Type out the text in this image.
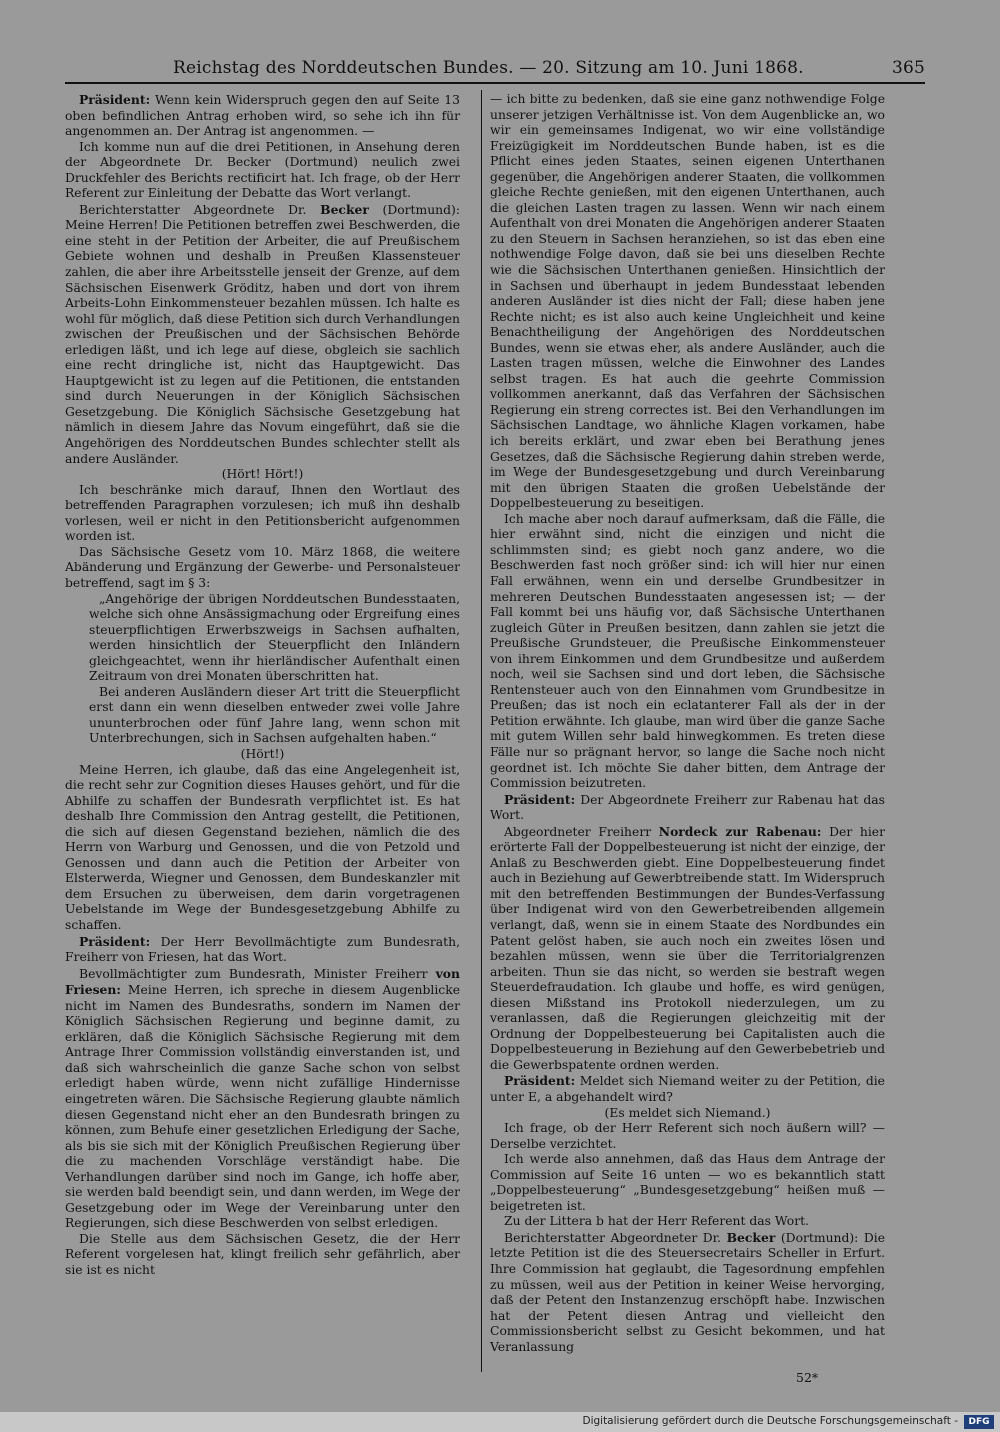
Reichstag des Norddeutschen Bundes. — 20. Sitzung am 10. Juni 1868.	365

Präsident: Wenn kein Widerspruch gegen den auf Seite 13 oben befindlichen Antrag erhoben wird, so sehe ich ihn für angenommen an. Der Antrag ist angenommen. —

Ich komme nun auf die drei Petitionen, in Ansehung deren der Abgeordnete Dr. Becker (Dortmund) neulich zwei Druckfehler des Berichts rectificirt hat. Ich frage, ob der Herr Referent zur Einleitung der Debatte das Wort verlangt.

Berichterstatter Abgeordnete Dr. Becker (Dortmund): Meine Herren! Die Petitionen betreffen zwei Beschwerden, die eine steht in der Petition der Arbeiter, die auf Preußischem Gebiete wohnen und deshalb in Preußen Klassensteuer zahlen, die aber ihre Arbeitsstelle jenseit der Grenze, auf dem Sächsischen Eisenwerk Gröditz, haben und dort von ihrem Arbeits-Lohn Einkommensteuer bezahlen müssen. Ich halte es wohl für möglich, daß diese Petition sich durch Verhandlungen zwischen der Preußischen und der Sächsischen Behörde erledigen läßt, und ich lege auf diese, obgleich sie sachlich eine recht dringliche ist, nicht das Hauptgewicht. Das Hauptgewicht ist zu legen auf die Petitionen, die entstanden sind durch Neuerungen in der Königlich Sächsischen Gesetzgebung. Die Königlich Sächsische Gesetzgebung hat nämlich in diesem Jahre das Novum eingeführt, daß sie die Angehörigen des Norddeutschen Bundes schlechter stellt als andere Ausländer.

(Hört! Hört!)

Ich beschränke mich darauf, Ihnen den Wortlaut des betreffenden Paragraphen vorzulesen; ich muß ihn deshalb vorlesen, weil er nicht in den Petitionsbericht aufgenommen worden ist.

Das Sächsische Gesetz vom 10. März 1868, die weitere Abänderung und Ergänzung der Gewerbe- und Personalsteuer betreffend, sagt im § 3:

„Angehörige der übrigen Norddeutschen Bundesstaaten, welche sich ohne Ansässigmachung oder Ergreifung eines steuerpflichtigen Erwerbszweigs in Sachsen aufhalten, werden hinsichtlich der Steuerpflicht den Inländern gleichgeachtet, wenn ihr hierländischer Aufenthalt einen Zeitraum von drei Monaten überschritten hat.

Bei anderen Ausländern dieser Art tritt die Steuerpflicht erst dann ein wenn dieselben entweder zwei volle Jahre ununterbrochen oder fünf Jahre lang, wenn schon mit Unterbrechungen, sich in Sachsen aufgehalten haben.“

(Hört!)

Meine Herren, ich glaube, daß das eine Angelegenheit ist, die recht sehr zur Cognition dieses Hauses gehört, und für die Abhilfe zu schaffen der Bundesrath verpflichtet ist. Es hat deshalb Ihre Commission den Antrag gestellt, die Petitionen, die sich auf diesen Gegenstand beziehen, nämlich die des Herrn von Warburg und Genossen, und die von Petzold und Genossen und dann auch die Petition der Arbeiter von Elsterwerda, Wiegner und Genossen, dem Bundeskanzler mit dem Ersuchen zu überweisen, dem darin vorgetragenen Uebelstande im Wege der Bundesgesetzgebung Abhilfe zu schaffen.

Präsident: Der Herr Bevollmächtigte zum Bundesrath, Freiherr von Friesen, hat das Wort.

Bevollmächtigter zum Bundesrath, Minister Freiherr von Friesen: Meine Herren, ich spreche in diesem Augenblicke nicht im Namen des Bundesraths, sondern im Namen der Königlich Sächsischen Regierung und beginne damit, zu erklären, daß die Königlich Sächsische Regierung mit dem Antrage Ihrer Commission vollständig einverstanden ist, und daß sich wahrscheinlich die ganze Sache schon von selbst erledigt haben würde, wenn nicht zufällige Hindernisse eingetreten wären. Die Sächsische Regierung glaubte nämlich diesen Gegenstand nicht eher an den Bundesrath bringen zu können, zum Behufe einer gesetzlichen Erledigung der Sache, als bis sie sich mit der Königlich Preußischen Regierung über die zu machenden Vorschläge verständigt habe. Die Verhandlungen darüber sind noch im Gange, ich hoffe aber, sie werden bald beendigt sein, und dann werden, im Wege der Gesetzgebung oder im Wege der Vereinbarung unter den Regierungen, sich diese Beschwerden von selbst erledigen.

Die Stelle aus dem Sächsischen Gesetz, die der Herr Referent vorgelesen hat, klingt freilich sehr gefährlich, aber sie ist es nicht

— ich bitte zu bedenken, daß sie eine ganz nothwendige Folge unserer jetzigen Verhältnisse ist. Von dem Augenblicke an, wo wir ein gemeinsames Indigenat, wo wir eine vollständige Freizügigkeit im Norddeutschen Bunde haben, ist es die Pflicht eines jeden Staates, seinen eigenen Unterthanen gegenüber, die Angehörigen anderer Staaten, die vollkommen gleiche Rechte genießen, mit den eigenen Unterthanen, auch die gleichen Lasten tragen zu lassen. Wenn wir nach einem Aufenthalt von drei Monaten die Angehörigen anderer Staaten zu den Steuern in Sachsen heranziehen, so ist das eben eine nothwendige Folge davon, daß sie bei uns dieselben Rechte wie die Sächsischen Unterthanen genießen. Hinsichtlich der in Sachsen und überhaupt in jedem Bundesstaat lebenden anderen Ausländer ist dies nicht der Fall; diese haben jene Rechte nicht; es ist also auch keine Ungleichheit und keine Benachtheiligung der Angehörigen des Norddeutschen Bundes, wenn sie etwas eher, als andere Ausländer, auch die Lasten tragen müssen, welche die Einwohner des Landes selbst tragen. Es hat auch die geehrte Commission vollkommen anerkannt, daß das Verfahren der Sächsischen Regierung ein streng correctes ist. Bei den Verhandlungen im Sächsischen Landtage, wo ähnliche Klagen vorkamen, habe ich bereits erklärt, und zwar eben bei Berathung jenes Gesetzes, daß die Sächsische Regierung dahin streben werde, im Wege der Bundesgesetzgebung und durch Vereinbarung mit den übrigen Staaten die großen Uebelstände der Doppelbesteuerung zu beseitigen.

Ich mache aber noch darauf aufmerksam, daß die Fälle, die hier erwähnt sind, nicht die einzigen und nicht die schlimmsten sind; es giebt noch ganz andere, wo die Beschwerden fast noch größer sind: ich will hier nur einen Fall erwähnen, wenn ein und derselbe Grundbesitzer in mehreren Deutschen Bundesstaaten angesessen ist; — der Fall kommt bei uns häufig vor, daß Sächsische Unterthanen zugleich Güter in Preußen besitzen, dann zahlen sie jetzt die Preußische Grundsteuer, die Preußische Einkommensteuer von ihrem Einkommen und dem Grundbesitze und außerdem noch, weil sie Sachsen sind und dort leben, die Sächsische Rentensteuer auch von den Einnahmen vom Grundbesitze in Preußen; das ist noch ein eclatanterer Fall als der in der Petition erwähnte. Ich glaube, man wird über die ganze Sache mit gutem Willen sehr bald hinwegkommen. Es treten diese Fälle nur so prägnant hervor, so lange die Sache noch nicht geordnet ist. Ich möchte Sie daher bitten, dem Antrage der Commission beizutreten.

Präsident: Der Abgeordnete Freiherr zur Rabenau hat das Wort.

Abgeordneter Freiherr Nordeck zur Rabenau: Der hier erörterte Fall der Doppelbesteuerung ist nicht der einzige, der Anlaß zu Beschwerden giebt. Eine Doppelbesteuerung findet auch in Beziehung auf Gewerbtreibende statt. Im Widerspruch mit den betreffenden Bestimmungen der Bundes-Verfassung über Indigenat wird von den Gewerbetreibenden allgemein verlangt, daß, wenn sie in einem Staate des Nordbundes ein Patent gelöst haben, sie auch noch ein zweites lösen und bezahlen müssen, wenn sie über die Territorialgrenzen arbeiten. Thun sie das nicht, so werden sie bestraft wegen Steuerdefraudation. Ich glaube und hoffe, es wird genügen, diesen Mißstand ins Protokoll niederzulegen, um zu veranlassen, daß die Regierungen gleichzeitig mit der Ordnung der Doppelbesteuerung bei Capitalisten auch die Doppelbesteuerung in Beziehung auf den Gewerbebetrieb und die Gewerbspatente ordnen werden.

Präsident: Meldet sich Niemand weiter zu der Petition, die unter E, a abgehandelt wird?

(Es meldet sich Niemand.)

Ich frage, ob der Herr Referent sich noch äußern will? — Derselbe verzichtet.

Ich werde also annehmen, daß das Haus dem Antrage der Commission auf Seite 16 unten — wo es bekanntlich statt „Doppelbesteuerung“ „Bundesgesetzgebung“ heißen muß — beigetreten ist.

Zu der Littera b hat der Herr Referent das Wort.

Berichterstatter Abgeordneter Dr. Becker (Dortmund): Die letzte Petition ist die des Steuersecretairs Scheller in Erfurt. Ihre Commission hat geglaubt, die Tagesordnung empfehlen zu müssen, weil aus der Petition in keiner Weise hervorging, daß der Petent den Instanzenzug erschöpft habe. Inzwischen hat der Petent diesen Antrag und vielleicht den Commissionsbericht selbst zu Gesicht bekommen, und hat Veranlassung

52*
Digitalisierung gefördert durch die Deutsche Forschungsgemeinschaft -	DFG
